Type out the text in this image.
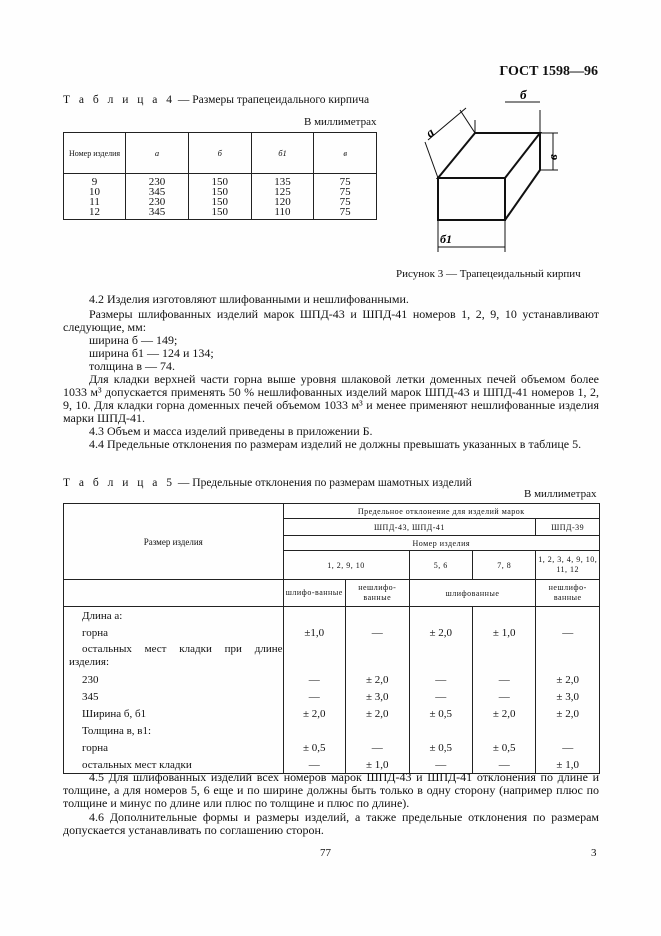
ГОСТ 1598—96
Т а б л и ц а 4 — Размеры трапецеидального кирпича
В миллиметрах
Номер изделия	а	б	б1	в
9	230	150	135	75
10	345	150	125	75
11	230	150	120	75
12	345	150	110	75
б
а
в
б1
Рисунок 3 — Трапецеидальный кирпич
4.2 Изделия изготовляют шлифованными и нешлифованными.
Размеры шлифованных изделий марок ШПД-43 и ШПД-41 номеров 1, 2, 9, 10 устанавливают следующие, мм:
ширина б — 149;
ширина б1 — 124 и 134;
толщина в — 74.
Для кладки верхней части горна выше уровня шлаковой летки доменных печей объемом более 1033 м³ допускается применять 50 % нешлифованных изделий марок ШПД-43 и ШПД-41 номеров 1, 2, 9, 10. Для кладки горна доменных печей объемом 1033 м³ и менее применяют нешлифованные изделия марки ШПД-41.
4.3 Объем и масса изделий приведены в приложении Б.
4.4 Предельные отклонения по размерам изделий не должны превышать указанных в таблице 5.
Т а б л и ц а 5 — Предельные отклонения по размерам шамотных изделий
В миллиметрах
Размер изделия	Предельное отклонение для изделий марок				
	ШПД-43, ШПД-41				ШПД-39
	Номер изделия				
	1, 2, 9, 10		5, 6	7, 8	1, 2, 3, 4, 9, 10, 11, 12
	шлифо-ванные	нешлифо-ванные	шлифованные		нешлифо-ванные
Длина а:					
горна	±1,0	—	± 2,0	± 1,0	—
остальных мест кладки при длине изделия:					
230	—	± 2,0	—	—	± 2,0
345	—	± 3,0	—	—	± 3,0
Ширина б, б1	± 2,0	± 2,0	± 0,5	± 2,0	± 2,0
Толщина в, в1:					
горна	± 0,5	—	± 0,5	± 0,5	—
остальных мест кладки	—	± 1,0	—	—	± 1,0
4.5 Для шлифованных изделий всех номеров марок ШПД-43 и ШПД-41 отклонения по длине и толщине, а для номеров 5, 6 еще и по ширине должны быть только в одну сторону (например плюс по толщине и минус по длине или плюс по толщине и плюс по длине).
4.6 Дополнительные формы и размеры изделий, а также предельные отклонения по размерам допускается устанавливать по соглашению сторон.
77	3
